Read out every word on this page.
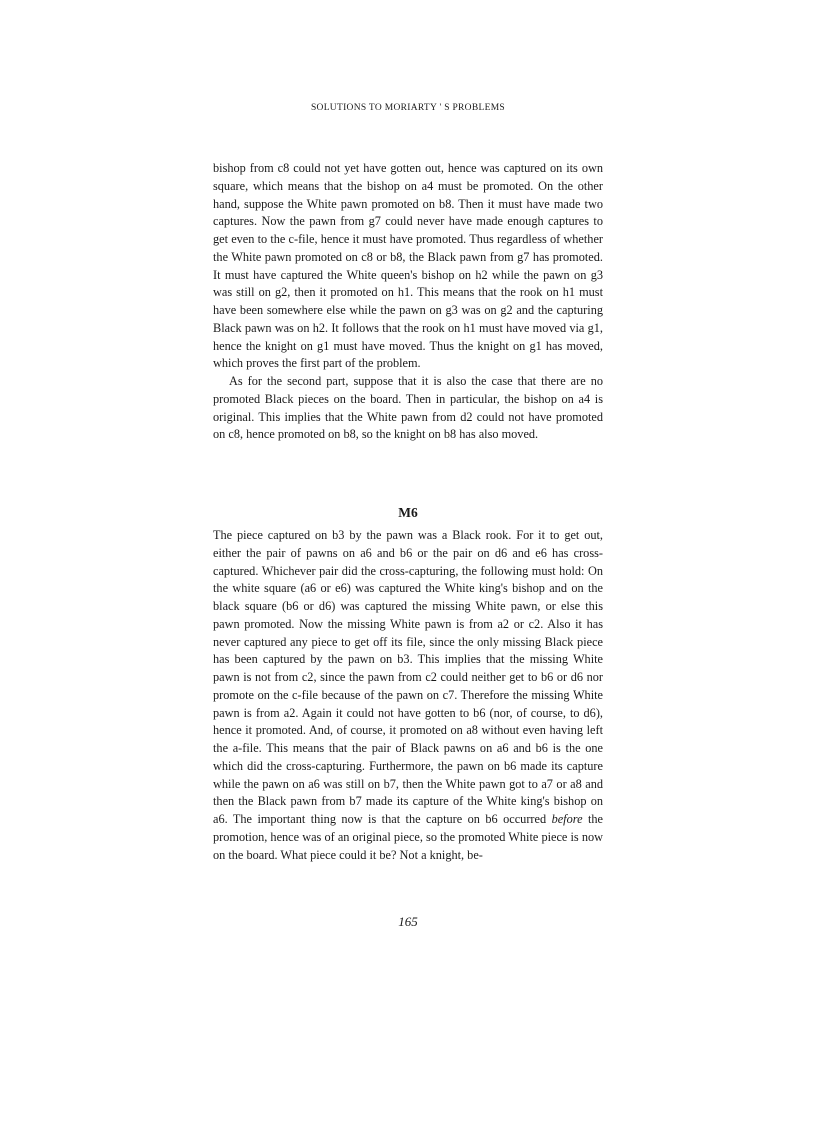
SOLUTIONS TO MORIARTY ' S PROBLEMS

bishop from c8 could not yet have gotten out, hence was captured on its own square, which means that the bishop on a4 must be promoted. On the other hand, suppose the White pawn promoted on b8. Then it must have made two captures. Now the pawn from g7 could never have made enough captures to get even to the c-file, hence it must have promoted. Thus regardless of whether the White pawn promoted on c8 or b8, the Black pawn from g7 has promoted. It must have captured the White queen's bishop on h2 while the pawn on g3 was still on g2, then it promoted on h1. This means that the rook on h1 must have been somewhere else while the pawn on g3 was on g2 and the capturing Black pawn was on h2. It follows that the rook on h1 must have moved via g1, hence the knight on g1 must have moved. Thus the knight on g1 has moved, which proves the first part of the problem.

As for the second part, suppose that it is also the case that there are no promoted Black pieces on the board. Then in particular, the bishop on a4 is original. This implies that the White pawn from d2 could not have promoted on c8, hence promoted on b8, so the knight on b8 has also moved.

M6

The piece captured on b3 by the pawn was a Black rook. For it to get out, either the pair of pawns on a6 and b6 or the pair on d6 and e6 has cross-captured. Whichever pair did the cross-capturing, the following must hold: On the white square (a6 or e6) was captured the White king's bishop and on the black square (b6 or d6) was captured the missing White pawn, or else this pawn promoted. Now the missing White pawn is from a2 or c2. Also it has never captured any piece to get off its file, since the only missing Black piece has been captured by the pawn on b3. This implies that the missing White pawn is not from c2, since the pawn from c2 could neither get to b6 or d6 nor promote on the c-file because of the pawn on c7. Therefore the missing White pawn is from a2. Again it could not have gotten to b6 (nor, of course, to d6), hence it promoted. And, of course, it promoted on a8 without even having left the a-file. This means that the pair of Black pawns on a6 and b6 is the one which did the cross-capturing. Furthermore, the pawn on b6 made its capture while the pawn on a6 was still on b7, then the White pawn got to a7 or a8 and then the Black pawn from b7 made its capture of the White king's bishop on a6. The important thing now is that the capture on b6 occurred before the promotion, hence was of an original piece, so the promoted White piece is now on the board. What piece could it be? Not a knight, be-

165
